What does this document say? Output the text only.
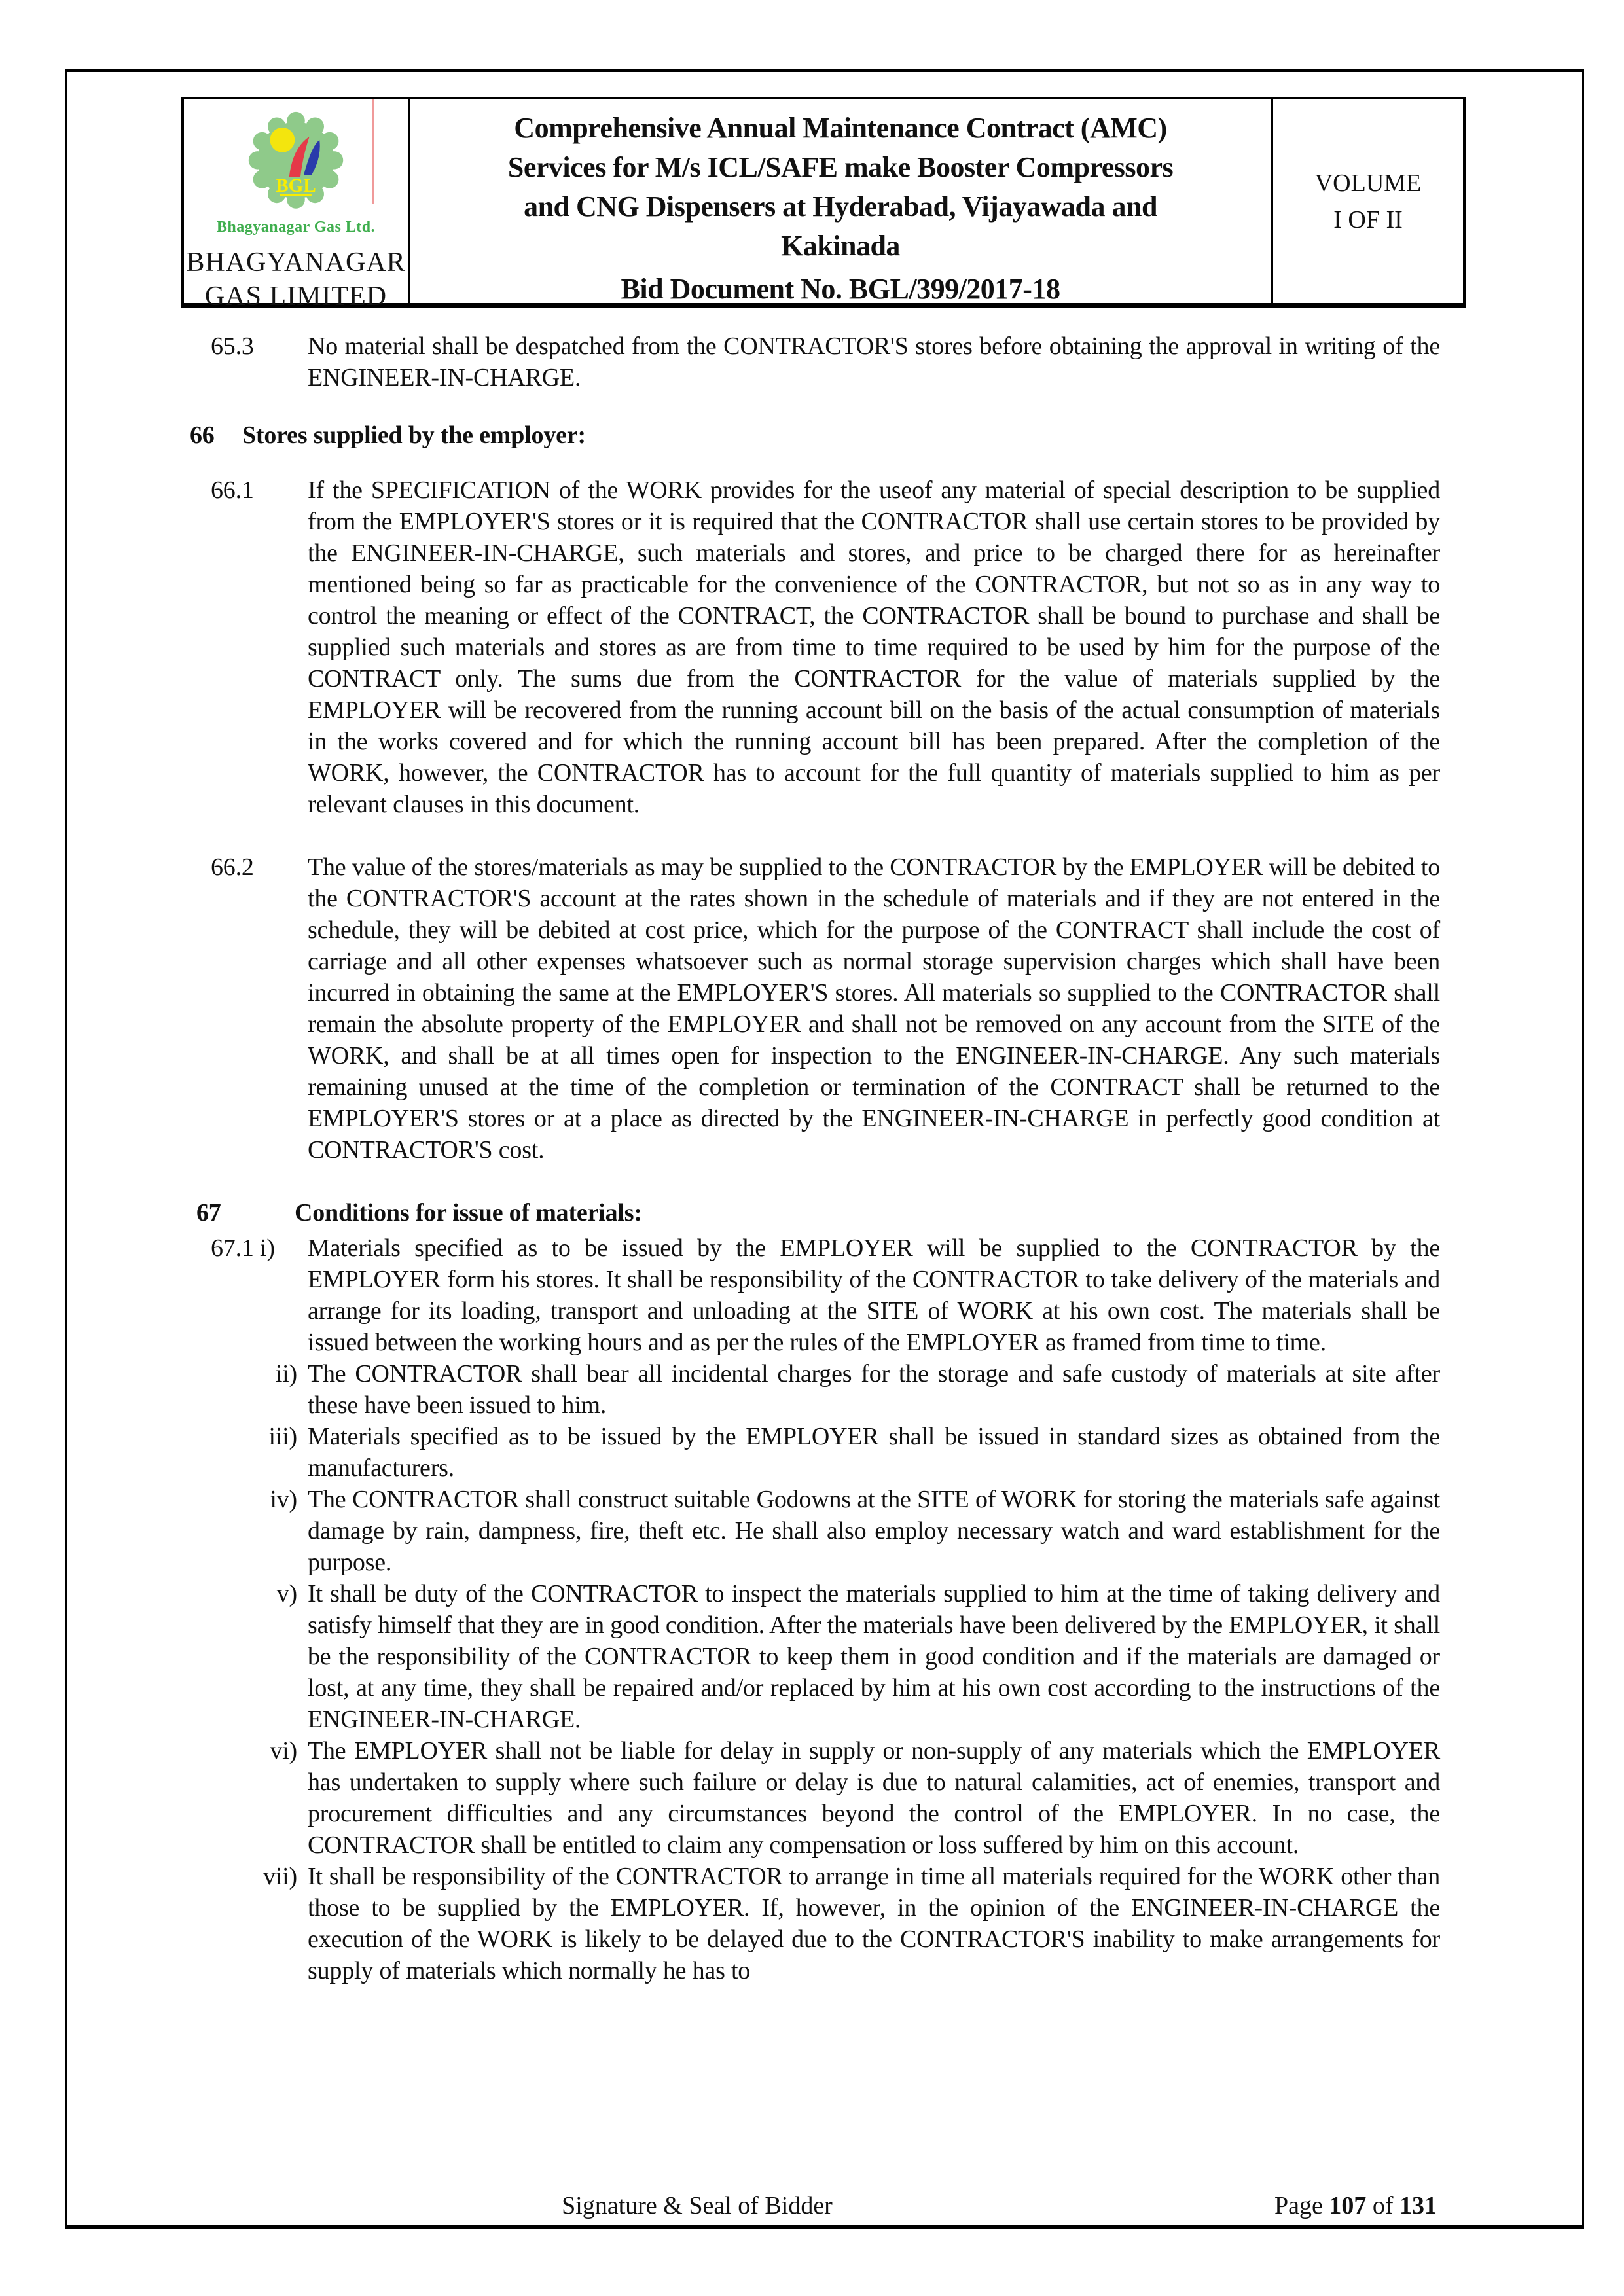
BGL
Bhagyanagar Gas Ltd.
BHAGYANAGAR
GAS LIMITED
Comprehensive Annual Maintenance Contract (AMC)
Services for M/s ICL/SAFE make Booster Compressors
and CNG Dispensers at Hyderabad, Vijayawada and
Kakinada
Bid Document No. BGL/399/2017-18
VOLUME
I OF II
65.3	No material shall be despatched from the CONTRACTOR'S stores before obtaining the approval in writing of the ENGINEER-IN-CHARGE.
66	Stores supplied by the employer:
66.1	If the SPECIFICATION of the WORK provides for the useof any material of special description to be supplied from the EMPLOYER'S stores or it is required that the CONTRACTOR shall use certain stores to be provided by the ENGINEER-IN-CHARGE, such materials and stores, and price to be charged there for as hereinafter mentioned being so far as practicable for the convenience of the CONTRACTOR, but not so as in any way to control the meaning or effect of the CONTRACT, the CONTRACTOR shall be bound to purchase and shall be supplied such materials and stores as are from time to time required to be used by him for the purpose of the CONTRACT only. The sums due from the CONTRACTOR for the value of materials supplied by the EMPLOYER will be recovered from the running account bill on the basis of the actual consumption of materials in the works covered and for which the running account bill has been prepared. After the completion of the WORK, however, the CONTRACTOR has to account for the full quantity of materials supplied to him as per relevant clauses in this document.
66.2	The value of the stores/materials as may be supplied to the CONTRACTOR by the EMPLOYER will be debited to the CONTRACTOR'S account at the rates shown in the schedule of materials and if they are not entered in the schedule, they will be debited at cost price, which for the purpose of the CONTRACT shall include the cost of carriage and all other expenses whatsoever such as normal storage supervision charges which shall have been incurred in obtaining the same at the EMPLOYER'S stores. All materials so supplied to the CONTRACTOR shall remain the absolute property of the EMPLOYER and shall not be removed on any account from the SITE of the WORK, and shall be at all times open for inspection to the ENGINEER-IN-CHARGE. Any such materials remaining unused at the time of the completion or termination of the CONTRACT shall be returned to the EMPLOYER'S stores or at a place as directed by the ENGINEER-IN-CHARGE in perfectly good condition at CONTRACTOR'S cost.
67	Conditions for issue of materials:
67.1 i)	Materials specified as to be issued by the EMPLOYER will be supplied to the CONTRACTOR by the EMPLOYER form his stores. It shall be responsibility of the CONTRACTOR to take delivery of the materials and arrange for its loading, transport and unloading at the SITE of WORK at his own cost. The materials shall be issued between the working hours and as per the rules of the EMPLOYER as framed from time to time.
ii) The CONTRACTOR shall bear all incidental charges for the storage and safe custody of materials at site after these have been issued to him.
iii) Materials specified as to be issued by the EMPLOYER shall be issued in standard sizes as obtained from the manufacturers.
iv) The CONTRACTOR shall construct suitable Godowns at the SITE of WORK for storing the materials safe against damage by rain, dampness, fire, theft etc. He shall also employ necessary watch and ward establishment for the purpose.
v) It shall be duty of the CONTRACTOR to inspect the materials supplied to him at the time of taking delivery and satisfy himself that they are in good condition. After the materials have been delivered by the EMPLOYER, it shall be the responsibility of the CONTRACTOR to keep them in good condition and if the materials are damaged or lost, at any time, they shall be repaired and/or replaced by him at his own cost according to the instructions of the ENGINEER-IN-CHARGE.
vi) The EMPLOYER shall not be liable for delay in supply or non-supply of any materials which the EMPLOYER has undertaken to supply where such failure or delay is due to natural calamities, act of enemies, transport and procurement difficulties and any circumstances beyond the control of the EMPLOYER. In no case, the CONTRACTOR shall be entitled to claim any compensation or loss suffered by him on this account.
vii) It shall be responsibility of the CONTRACTOR to arrange in time all materials required for the WORK other than those to be supplied by the EMPLOYER. If, however, in the opinion of the ENGINEER-IN-CHARGE the execution of the WORK is likely to be delayed due to the CONTRACTOR'S inability to make arrangements for supply of materials which normally he has to
Signature & Seal of Bidder	Page 107 of 131
